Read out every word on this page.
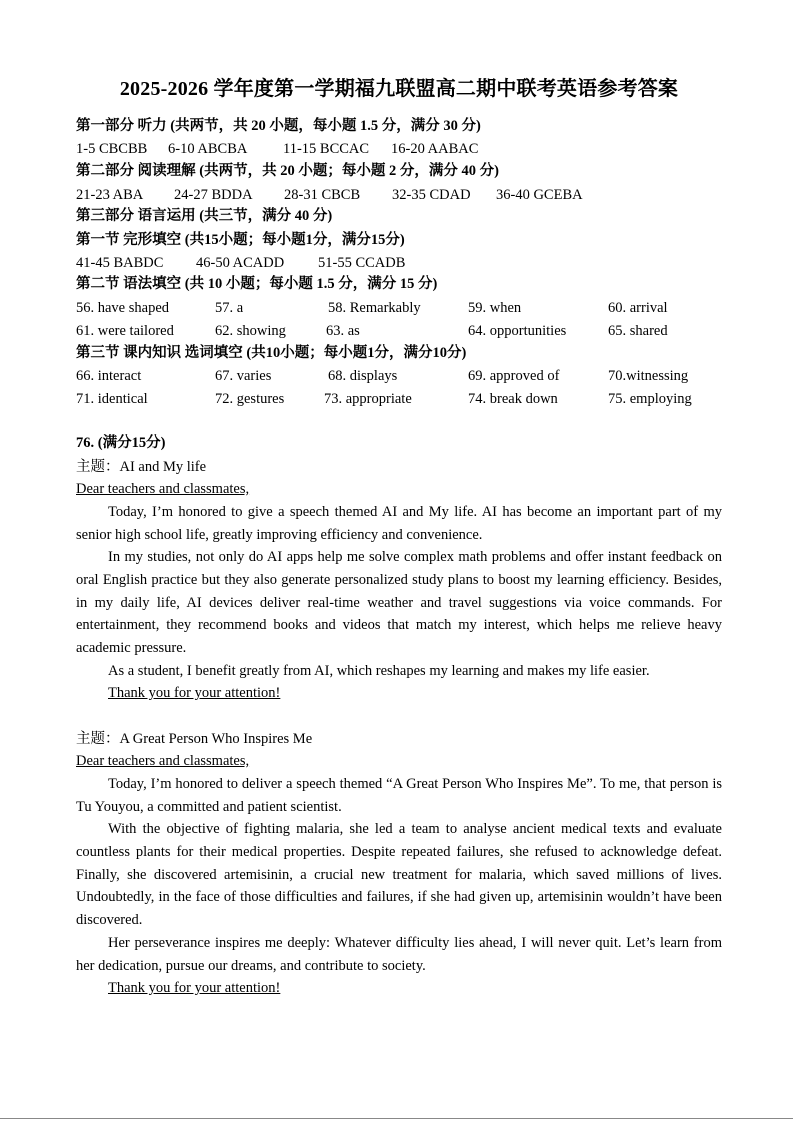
2025-2026 学年度第一学期福九联盟高二期中联考英语参考答案
第一部分 听力 (共两节，共 20 小题，每小题 1.5 分，满分 30 分)
1-5 CBCBB 6-10 ABCBA 11-15 BCCAC 16-20 AABAC
第二部分 阅读理解 (共两节，共 20 小题；每小题 2 分，满分 40 分)
21-23 ABA 24-27 BDDA 28-31 CBCB 32-35 CDAD 36-40 GCEBA
第三部分 语言运用 (共三节，满分 40 分)
第一节 完形填空 (共15小题；每小题1分，满分15分)
41-45 BABDC 46-50 ACADD 51-55 CCADB
第二节 语法填空 (共 10 小题；每小题 1.5 分，满分 15 分)
56. have shaped	57. a	58. Remarkably	59. when	60. arrival
61. were tailored	62. showing	63. as	64. opportunities	65. shared
第三节 课内知识 选词填空 (共10小题；每小题1分，满分10分)
66. interact	67. varies	68. displays	69. approved of	70.witnessing
71. identical	72. gestures	73. appropriate	74. break down	75. employing
76. (满分15分)
主题：AI and My life
Dear teachers and classmates,
Today, I’m honored to give a speech themed AI and My life. AI has become an important part of my senior high school life, greatly improving efficiency and convenience.
In my studies, not only do AI apps help me solve complex math problems and offer instant feedback on oral English practice but they also generate personalized study plans to boost my learning efficiency. Besides, in my daily life, AI devices deliver real-time weather and travel suggestions via voice commands. For entertainment, they recommend books and videos that match my interest, which helps me relieve heavy academic pressure.
As a student, I benefit greatly from AI, which reshapes my learning and makes my life easier.
Thank you for your attention!
主题：A Great Person Who Inspires Me
Dear teachers and classmates,
Today, I’m honored to deliver a speech themed “A Great Person Who Inspires Me”. To me, that person is Tu Youyou, a committed and patient scientist.
With the objective of fighting malaria, she led a team to analyse ancient medical texts and evaluate countless plants for their medical properties. Despite repeated failures, she refused to acknowledge defeat. Finally, she discovered artemisinin, a crucial new treatment for malaria, which saved millions of lives. Undoubtedly, in the face of those difficulties and failures, if she had given up, artemisinin wouldn’t have been discovered.
Her perseverance inspires me deeply: Whatever difficulty lies ahead, I will never quit. Let’s learn from her dedication, pursue our dreams, and contribute to society.
Thank you for your attention!
